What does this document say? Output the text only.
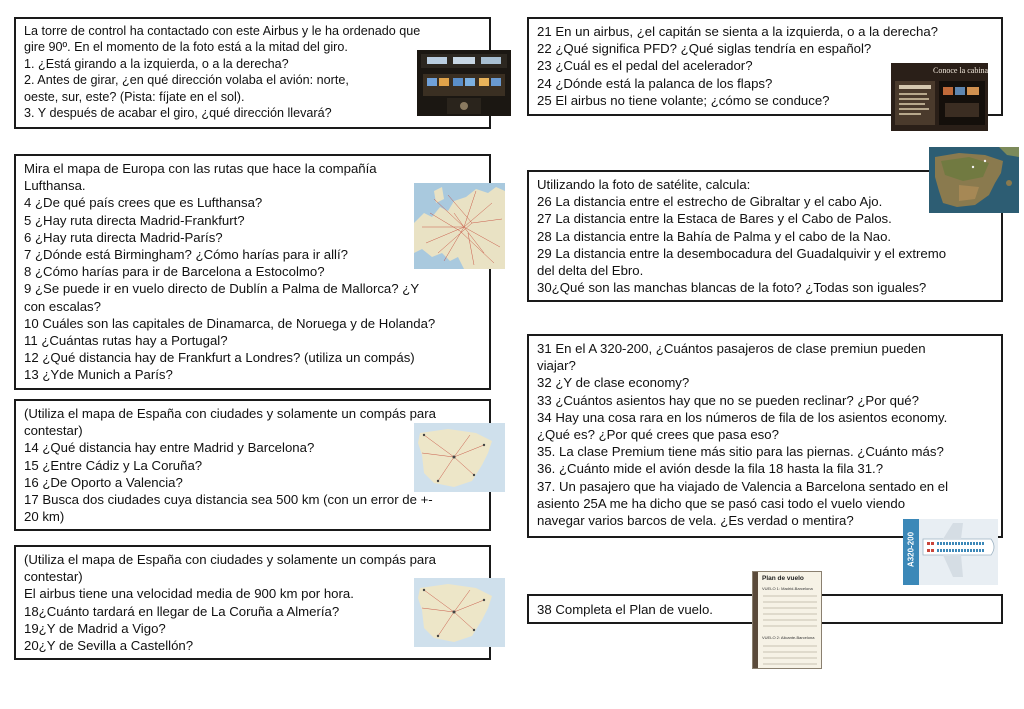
La torre de control ha contactado con este Airbus y le ha ordenado que

gire 90º. En el momento de la foto está a la mitad del giro.

1. ¿Está girando a la izquierda, o a la derecha?

2. Antes de girar, ¿en qué dirección volaba el avión: norte,

oeste, sur, este? (Pista: fíjate en el sol).

3. Y después de acabar el giro, ¿qué dirección llevará?

21 En un airbus, ¿el capitán se sienta a la izquierda, o a la derecha?

22 ¿Qué significa PFD? ¿Qué siglas tendría en español?

23 ¿Cuál es el pedal del acelerador?

24 ¿Dónde está la palanca de los flaps?

25 El airbus no tiene volante; ¿cómo se conduce?

Mira el mapa de Europa con las rutas que hace la compañía

Lufthansa.

4 ¿De qué país crees que es Lufthansa?

5 ¿Hay ruta directa Madrid-Frankfurt?

6 ¿Hay ruta directa Madrid-París?

7 ¿Dónde está Birmingham? ¿Cómo harías para ir allí?

8 ¿Cómo harías para ir de Barcelona a Estocolmo?

9 ¿Se puede ir en vuelo directo de Dublín a Palma de Mallorca? ¿Y

con escalas?

10 Cuáles son las capitales de Dinamarca, de Noruega y de Holanda?

11 ¿Cuántas rutas hay a Portugal?

12 ¿Qué distancia hay de Frankfurt a Londres? (utiliza un compás)

13 ¿Yde Munich a París?

Utilizando la foto de satélite, calcula:

26 La distancia entre el estrecho de Gibraltar y el cabo Ajo.

27 La distancia entre la Estaca de Bares y el Cabo de Palos.

28 La distancia entre la Bahía de Palma y el cabo de la Nao.

29 La distancia entre la desembocadura del Guadalquivir y el extremo

del delta del Ebro.

30¿Qué son las manchas blancas de la foto? ¿Todas son iguales?

(Utiliza el mapa de España con ciudades y solamente un compás para

contestar)

14 ¿Qué distancia hay entre Madrid y Barcelona?

15 ¿Entre Cádiz y La Coruña?

16 ¿De Oporto a Valencia?

17 Busca dos ciudades cuya distancia sea 500 km (con un error de +-

20 km)

31 En el A 320-200, ¿Cuántos pasajeros de clase premiun pueden

viajar?

32 ¿Y de clase economy?

33 ¿Cuántos asientos hay que no se pueden reclinar? ¿Por qué?

34 Hay una cosa rara en los números de fila de los asientos economy.

¿Qué es? ¿Por qué crees que pasa eso?

35. La clase Premium tiene más sitio para las piernas. ¿Cuánto más?

36. ¿Cuánto mide el avión desde la fila 18 hasta la fila 31.?

37. Un pasajero que ha viajado de Valencia a Barcelona sentado en el

asiento 25A me ha dicho que se pasó casi todo el vuelo viendo

navegar varios barcos de vela. ¿Es verdad o mentira?

(Utiliza el mapa de España con ciudades y solamente un compás para

contestar)

El airbus tiene una velocidad media de 900 km por hora.

18¿Cuánto tardará en llegar de La Coruña a Almería?

19¿Y de Madrid a Vigo?

20¿Y de Sevilla a Castellón?

38 Completa el Plan de vuelo.

Conoce la cabina
A320-200
Plan de vuelo
VUELO 1: Madrid-Barcelona
VUELO 2: Alicante-Barcelona
